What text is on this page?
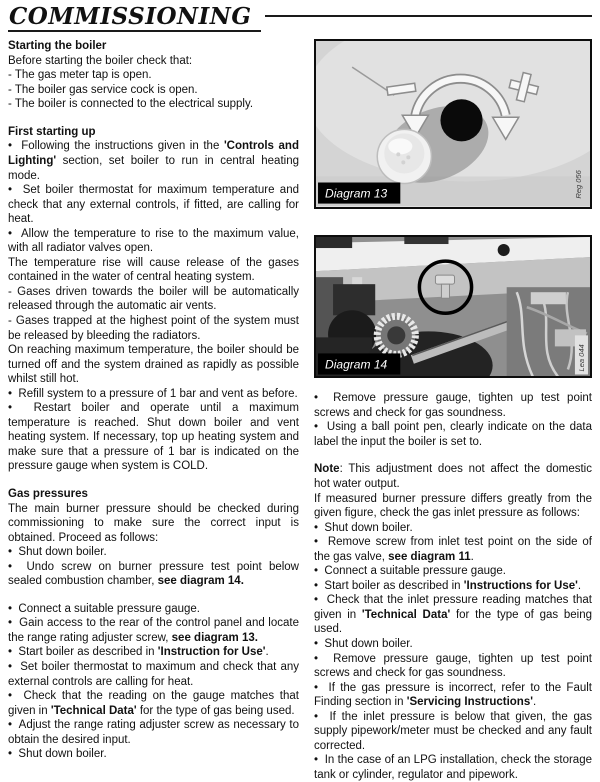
COMMISSIONING

Starting the boiler

Before starting the boiler check that:

- The gas meter tap is open.

- The boiler gas service cock is open.

- The boiler is connected to the electrical supply.

First starting up

•  Following the instructions given in the 'Controls and Lighting' section, set boiler to run in central heating mode.

•  Set boiler thermostat for maximum temperature and check that any external controls, if fitted, are calling for heat.

•  Allow the temperature to rise to the maximum value, with all radiator valves open.

The temperature rise will cause release of the gases contained in the water of central heating system.

- Gases driven towards the boiler will be automatically released through the automatic air vents.

- Gases trapped at the highest point of the system must be released by bleeding the radiators.

On reaching maximum temperature, the boiler should be turned off and the system drained as rapidly as possible whilst still hot.

•  Refill system to a pressure of 1 bar and vent as before.

•  Restart boiler and operate until a maximum temperature is reached. Shut down boiler and vent heating system. If necessary, top up heating system and make sure that a pressure of 1 bar is indicated on the pressure gauge when system is COLD.

Gas pressures

The main burner pressure should be checked during commissioning to make sure the correct input is obtained. Proceed as follows:

•  Shut down boiler.

•  Undo screw on burner pressure test point below sealed combustion chamber, see diagram 14.

•  Connect a suitable pressure gauge.

•  Gain access to the rear of the control panel and locate the range rating adjuster screw, see diagram 13.

•  Start boiler as described in 'Instruction for Use'.

•  Set boiler thermostat to maximum and check that any external controls are calling for heat.

•  Check that the reading on the gauge matches that given in 'Technical Data' for the type of gas being used.

•  Adjust the range rating adjuster screw as necessary to obtain the desired input.

•  Shut down boiler.

Diagram 13	Reg 056
Diagram 14	Lea 044

•  Remove pressure gauge, tighten up test point screws and check for gas soundness.

•  Using a ball point pen, clearly indicate on the data label the input the boiler is set to.

Note: This adjustment does not affect the domestic hot water output.

If measured burner pressure differs greatly from the given figure, check the gas inlet pressure as follows:

•  Shut down boiler.

•  Remove screw from inlet test point on the side of the gas valve, see diagram 11.

•  Connect a suitable pressure gauge.

•  Start boiler as described in 'Instructions for Use'.

•  Check that the inlet pressure reading matches that given in 'Technical Data' for the type of gas being used.

•  Shut down boiler.

•  Remove pressure gauge, tighten up test point screws and check for gas soundness.

•  If the gas pressure is incorrect, refer to the Fault Finding section in 'Servicing Instructions'.

•  If the inlet pressure is below that given, the gas supply pipework/meter must be checked and any fault corrected.

•  In the case of an LPG installation, check the storage tank or cylinder, regulator and pipework.
